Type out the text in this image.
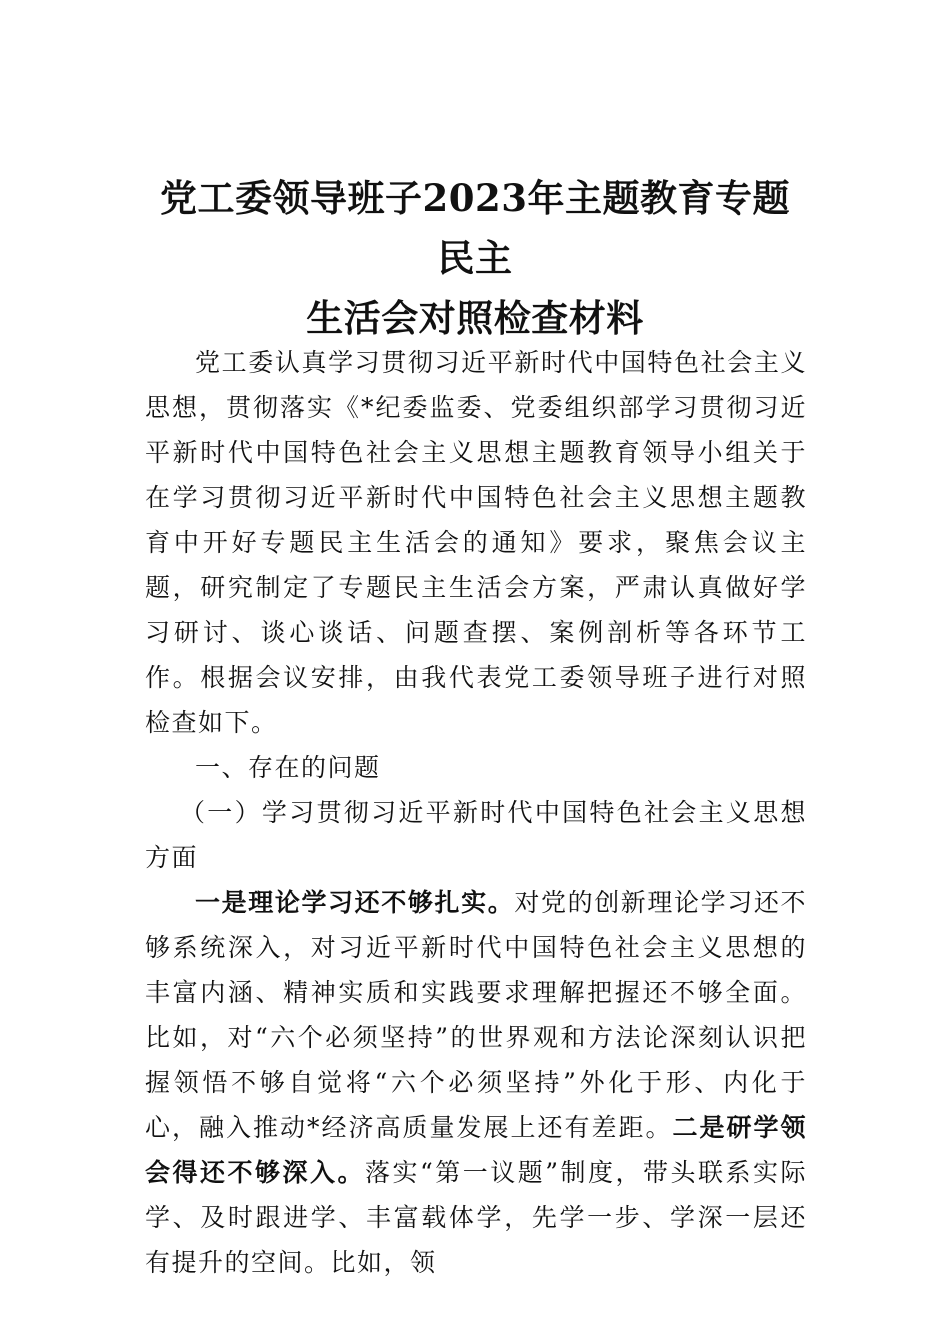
党工委领导班子2023年主题教育专题民主
生活会对照检查材料

党工委认真学习贯彻习近平新时代中国特色社会主义思想，贯彻落实《*纪委监委、党委组织部学习贯彻习近平新时代中国特色社会主义思想主题教育领导小组关于在学习贯彻习近平新时代中国特色社会主义思想主题教育中开好专题民主生活会的通知》要求，聚焦会议主题，研究制定了专题民主生活会方案，严肃认真做好学习研讨、谈心谈话、问题查摆、案例剖析等各环节工作。根据会议安排，由我代表党工委领导班子进行对照检查如下。

一、存在的问题

（一）学习贯彻习近平新时代中国特色社会主义思想方面

一是理论学习还不够扎实。对党的创新理论学习还不够系统深入，对习近平新时代中国特色社会主义思想的丰富内涵、精神实质和实践要求理解把握还不够全面。比如，对“六个必须坚持”的世界观和方法论深刻认识把握领悟不够自觉将“六个必须坚持”外化于形、内化于心，融入推动*经济高质量发展上还有差距。二是研学领会得还不够深入。落实“第一议题”制度，带头联系实际学、及时跟进学、丰富载体学，先学一步、学深一层还有提升的空间。比如，领
